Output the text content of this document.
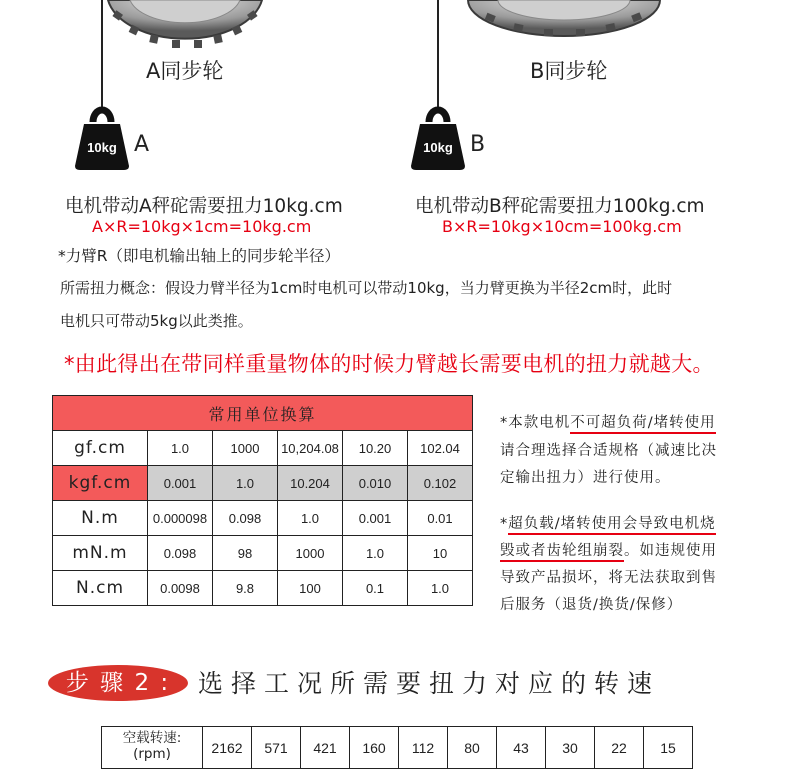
A同步轮	B同步轮
10kg A	10kg B
电机带动A秤砣需要扭力10kg.cm
A×R=10kg×1cm=10kg.cm
电机带动B秤砣需要扭力100kg.cm
B×R=10kg×10cm=100kg.cm
*力臂R（即电机输出轴上的同步轮半径）
所需扭力概念：假设力臂半径为1cm时电机可以带动10kg，当力臂更换为半径2cm时，此时
电机只可带动5kg以此类推。
*由此得出在带同样重量物体的时候力臂越长需要电机的扭力就越大。
常用单位换算					
gf.cm	1.0	1000	10,204.08	10.20	102.04
kgf.cm	0.001	1.0	10.204	0.010	0.102
N.m	0.000098	0.098	1.0	0.001	0.01
mN.m	0.098	98	1000	1.0	10
N.cm	0.0098	9.8	100	0.1	1.0
*本款电机不可超负荷/堵转使用
请合理选择合适规格（减速比决
定输出扭力）进行使用。
*超负载/堵转使用会导致电机烧
毁或者齿轮组崩裂。如违规使用
导致产品损坏，将无法获取到售
后服务（退货/换货/保修）
步 骤 2 :	选择工况所需要扭力对应的转速
空载转速:
(rpm)	2162	571	421	160	112	80	43	30	22	15
